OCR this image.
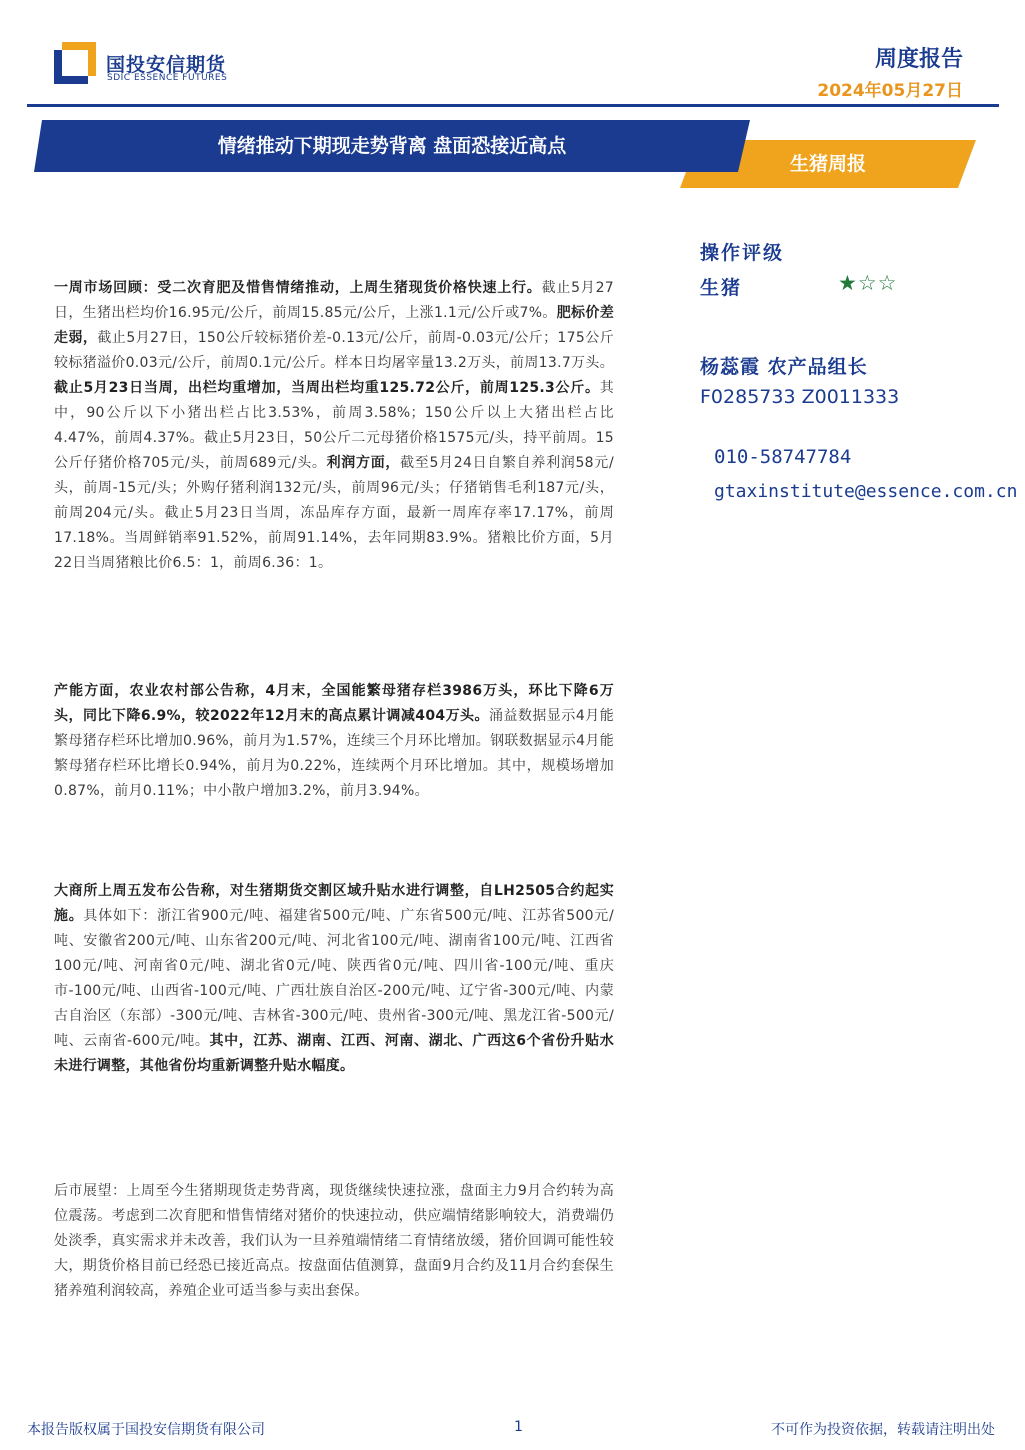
国投安信期货
SDIC ESSENCE FUTURES
周度报告
2024年05月27日
生猪周报
情绪推动下期现走势背离 盘面恐接近高点
操作评级
生猪	★☆☆
杨蕊霞 农产品组长
F0285733 Z0011333
010-58747784
gtaxinstitute@essence.com.cn
一周市场回顾：受二次育肥及惜售情绪推动，上周生猪现货价格快速上行。截止5月27日，生猪出栏均价16.95元/公斤，前周15.85元/公斤，上涨1.1元/公斤或7%。肥标价差走弱，截止5月27日，150公斤较标猪价差-0.13元/公斤，前周-0.03元/公斤；175公斤较标猪溢价0.03元/公斤，前周0.1元/公斤。样本日均屠宰量13.2万头，前周13.7万头。截止5月23日当周，出栏均重增加，当周出栏均重125.72公斤，前周125.3公斤。其中，90公斤以下小猪出栏占比3.53%，前周3.58%；150公斤以上大猪出栏占比4.47%，前周4.37%。截止5月23日，50公斤二元母猪价格1575元/头，持平前周。15公斤仔猪价格705元/头，前周689元/头。利润方面，截至5月24日自繁自养利润58元/头，前周-15元/头；外购仔猪利润132元/头，前周96元/头；仔猪销售毛利187元/头，前周204元/头。截止5月23日当周，冻品库存方面，最新一周库存率17.17%，前周17.18%。当周鲜销率91.52%，前周91.14%，去年同期83.9%。猪粮比价方面，5月22日当周猪粮比价6.5：1，前周6.36：1。
产能方面，农业农村部公告称，4月末，全国能繁母猪存栏3986万头，环比下降6万头，同比下降6.9%，较2022年12月末的高点累计调减404万头。涌益数据显示4月能繁母猪存栏环比增加0.96%，前月为1.57%，连续三个月环比增加。钢联数据显示4月能繁母猪存栏环比增长0.94%，前月为0.22%，连续两个月环比增加。其中，规模场增加0.87%，前月0.11%；中小散户增加3.2%，前月3.94%。
大商所上周五发布公告称，对生猪期货交割区域升贴水进行调整，自LH2505合约起实施。具体如下：浙江省900元/吨、福建省500元/吨、广东省500元/吨、江苏省500元/吨、安徽省200元/吨、山东省200元/吨、河北省100元/吨、湖南省100元/吨、江西省100元/吨、河南省0元/吨、湖北省0元/吨、陕西省0元/吨、四川省-100元/吨、重庆市-100元/吨、山西省-100元/吨、广西壮族自治区-200元/吨、辽宁省-300元/吨、内蒙古自治区（东部）-300元/吨、吉林省-300元/吨、贵州省-300元/吨、黑龙江省-500元/吨、云南省-600元/吨。其中，江苏、湖南、江西、河南、湖北、广西这6个省份升贴水未进行调整，其他省份均重新调整升贴水幅度。
后市展望：上周至今生猪期现货走势背离，现货继续快速拉涨，盘面主力9月合约转为高位震荡。考虑到二次育肥和惜售情绪对猪价的快速拉动，供应端情绪影响较大，消费端仍处淡季，真实需求并未改善，我们认为一旦养殖端情绪二育情绪放缓，猪价回调可能性较大，期货价格目前已经恐已接近高点。按盘面估值测算，盘面9月合约及11月合约套保生猪养殖利润较高，养殖企业可适当参与卖出套保。
本报告版权属于国投安信期货有限公司	1	不可作为投资依据，转载请注明出处
